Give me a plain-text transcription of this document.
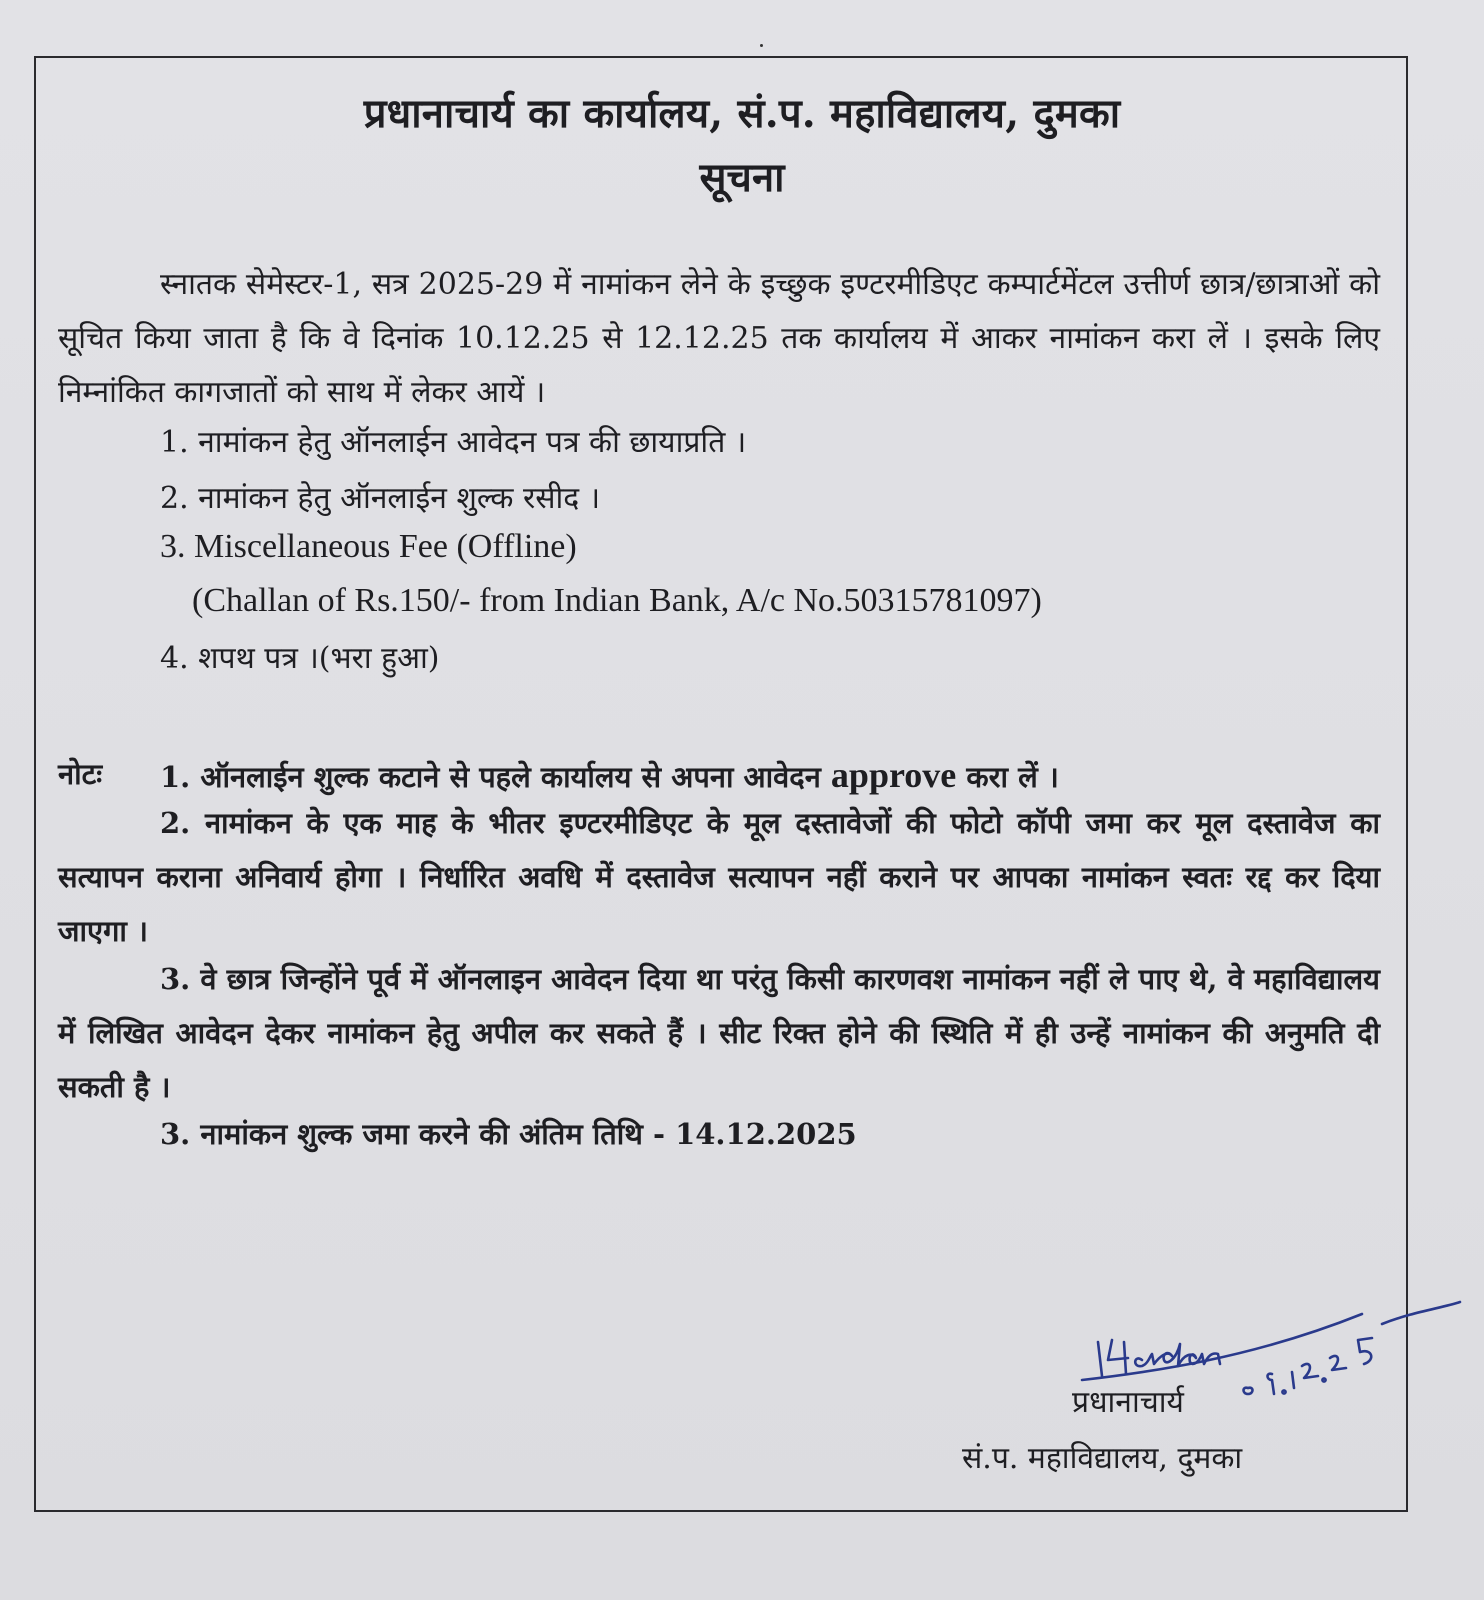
प्रधानाचार्य का कार्यालय, सं.प. महाविद्यालय, दुमका
सूचना
स्नातक सेमेस्टर-1, सत्र 2025-29 में नामांकन लेने के इच्छुक इण्टरमीडिएट कम्पार्टमेंटल उत्तीर्ण छात्र/छात्राओं को सूचित किया जाता है कि वे दिनांक 10.12.25 से 12.12.25 तक कार्यालय में आकर नामांकन करा लें । इसके लिए निम्नांकित कागजातों को साथ में लेकर आयें ।
1. नामांकन हेतु ऑनलाईन आवेदन पत्र की छायाप्रति ।
2. नामांकन हेतु ऑनलाईन शुल्क रसीद ।
3. Miscellaneous Fee (Offline)
(Challan of Rs.150/- from Indian Bank, A/c No.50315781097)
4. शपथ पत्र ।(भरा हुआ)
नोटः 1. ऑनलाईन शुल्क कटाने से पहले कार्यालय से अपना आवेदन approve करा लें ।
2. नामांकन के एक माह के भीतर इण्टरमीडिएट के मूल दस्तावेजों की फोटो कॉपी जमा कर मूल दस्तावेज का सत्यापन कराना अनिवार्य होगा । निर्धारित अवधि में दस्तावेज सत्यापन नहीं कराने पर आपका नामांकन स्वतः रद्द कर दिया जाएगा ।
3. वे छात्र जिन्होंने पूर्व में ऑनलाइन आवेदन दिया था परंतु किसी कारणवश नामांकन नहीं ले पाए थे, वे महाविद्यालय में लिखित आवेदन देकर नामांकन हेतु अपील कर सकते हैं । सीट रिक्त होने की स्थिति में ही उन्हें नामांकन की अनुमति दी सकती है ।
3. नामांकन शुल्क जमा करने की अंतिम तिथि - 14.12.2025
प्रधानाचार्य
सं.प. महाविद्यालय, दुमका
